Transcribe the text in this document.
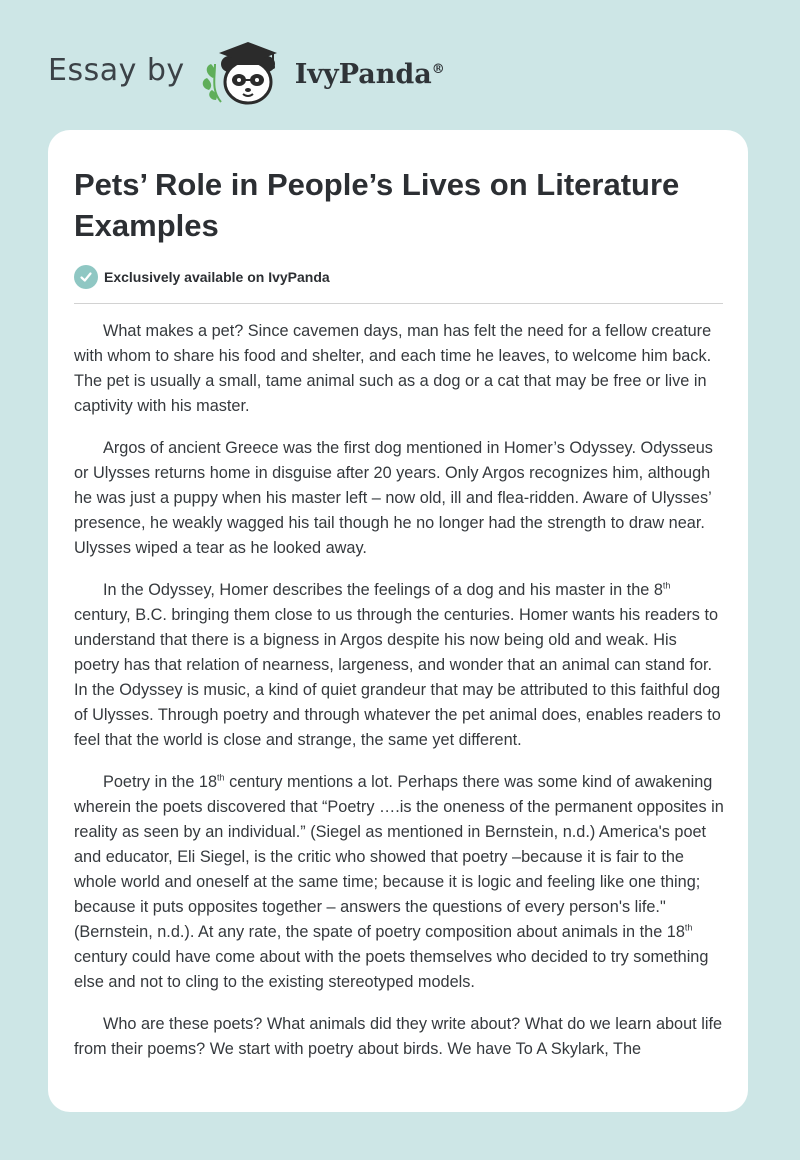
Essay by	IvyPanda®
Pets’ Role in People’s Lives on Literature Examples
Exclusively available on IvyPanda

What makes a pet? Since cavemen days, man has felt the need for a fellow creature with whom to share his food and shelter, and each time he leaves, to welcome him back. The pet is usually a small, tame animal such as a dog or a cat that may be free or live in captivity with his master.

Argos of ancient Greece was the first dog mentioned in Homer’s Odyssey. Odysseus or Ulysses returns home in disguise after 20 years. Only Argos recognizes him, although he was just a puppy when his master left – now old, ill and flea-ridden. Aware of Ulysses’ presence, he weakly wagged his tail though he no longer had the strength to draw near. Ulysses wiped a tear as he looked away.

In the Odyssey, Homer describes the feelings of a dog and his master in the 8th century, B.C. bringing them close to us through the centuries. Homer wants his readers to understand that there is a bigness in Argos despite his now being old and weak. His poetry has that relation of nearness, largeness, and wonder that an animal can stand for. In the Odyssey is music, a kind of quiet grandeur that may be attributed to this faithful dog of Ulysses. Through poetry and through whatever the pet animal does, enables readers to feel that the world is close and strange, the same yet different.

Poetry in the 18th century mentions a lot. Perhaps there was some kind of awakening wherein the poets discovered that “Poetry ….is the oneness of the permanent opposites in reality as seen by an individual.” (Siegel as mentioned in Bernstein, n.d.) America's poet and educator, Eli Siegel, is the critic who showed that poetry –because it is fair to the whole world and oneself at the same time; because it is logic and feeling like one thing; because it puts opposites together – answers the questions of every person's life." (Bernstein, n.d.). At any rate, the spate of poetry composition about animals in the 18th century could have come about with the poets themselves who decided to try something else and not to cling to the existing stereotyped models.

Who are these poets? What animals did they write about? What do we learn about life from their poems? We start with poetry about birds. We have To A Skylark, The
